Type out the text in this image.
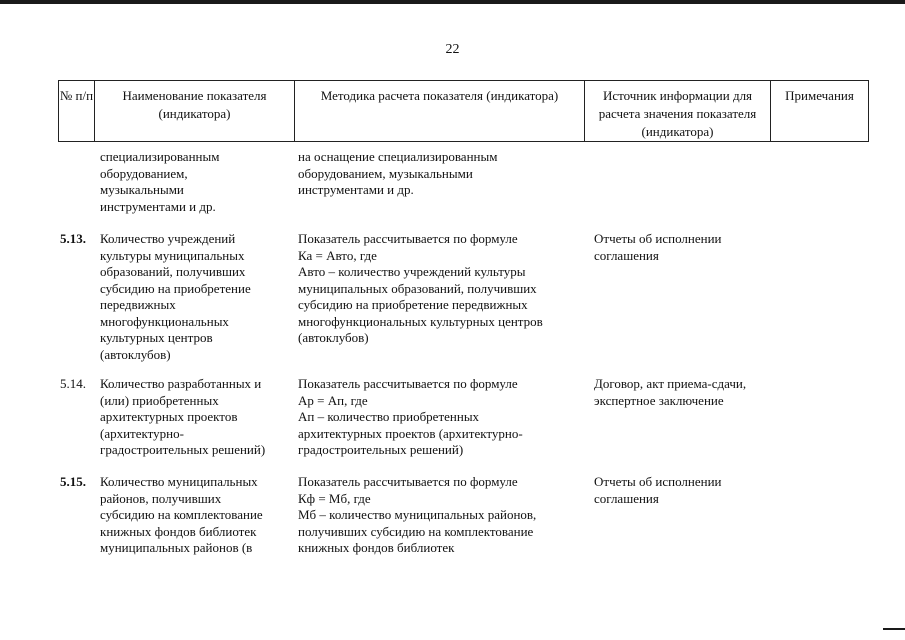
22
№ п/п	Наименование показателя (индикатора)
Методика расчета показателя (индикатора)	Источник информации для расчета значения показателя (индикатора)
Примечания
специализированным
оборудованием,
музыкальными
инструментами и др.
на оснащение специализированным
оборудованием, музыкальными
инструментами и др.
5.13. Количество учреждений
культуры муниципальных
образований, получивших
субсидию на приобретение
передвижных
многофункциональных
культурных центров
(автоклубов)
Показатель рассчитывается по формуле
Ка = Авто, где
Авто – количество учреждений культуры
муниципальных образований, получивших
субсидию на приобретение передвижных
многофункциональных культурных центров
(автоклубов)
Отчеты об исполнении
соглашения
5.14. Количество разработанных и
(или) приобретенных
архитектурных проектов
(архитектурно-
градостроительных решений)
Показатель рассчитывается по формуле
Ар = Ап, где
Ап – количество приобретенных
архитектурных проектов (архитектурно-
градостроительных решений)
Договор, акт приема-сдачи,
экспертное заключение
5.15. Количество муниципальных
районов, получивших
субсидию на комплектование
книжных фондов библиотек
муниципальных районов (в
Показатель рассчитывается по формуле
Кф = Мб, где
Мб – количество муниципальных районов,
получивших субсидию на комплектование
книжных фондов библиотек
Отчеты об исполнении
соглашения
